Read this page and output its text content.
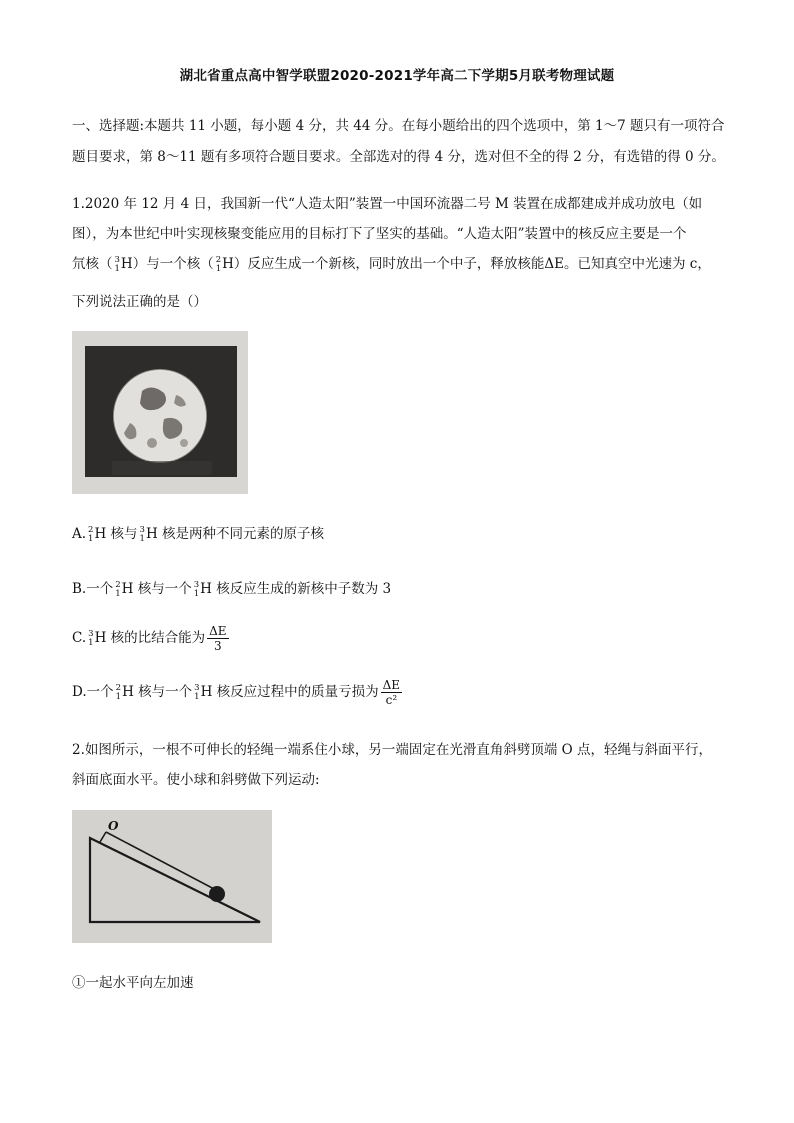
湖北省重点高中智学联盟2020-2021学年高二下学期5月联考物理试题
一、选择题:本题共 11 小题，每小题 4 分，共 44 分。在每小题给出的四个选项中，第 1～7 题只有一项符合
题目要求，第 8～11 题有多项符合题目要求。全部选对的得 4 分，选对但不全的得 2 分，有选错的得 0 分。
1.2020 年 12 月 4 日，我国新一代“人造太阳”装置一中国环流器二号 M 装置在成都建成并成功放电（如
图），为本世纪中叶实现核聚变能应用的目标打下了坚实的基础。“人造太阳”装置中的核反应主要是一个
氘核（ 3
1 H）与一个核（ 2
1 H）反应生成一个新核，同时放出一个中子，释放核能ΔE。已知真空中光速为 c，
下列说法正确的是（）
A. 2
1 H 核与 3
1 H 核是两种不同元素的原子核
B.一个 2
1 H 核与一个 3
1 H 核反应生成的新核中子数为 3
C. 3
1 H 核的比结合能为 $\frac{\Delta E}{3}$
D.一个 2
1 H 核与一个 3
1 H 核反应过程中的质量亏损为 $\frac{\Delta E}{\text{c²}}$
2.如图所示，一根不可伸长的轻绳一端系住小球，另一端固定在光滑直角斜劈顶端 O 点，轻绳与斜面平行，
斜面底面水平。使小球和斜劈做下列运动:
O
①一起水平向左加速
